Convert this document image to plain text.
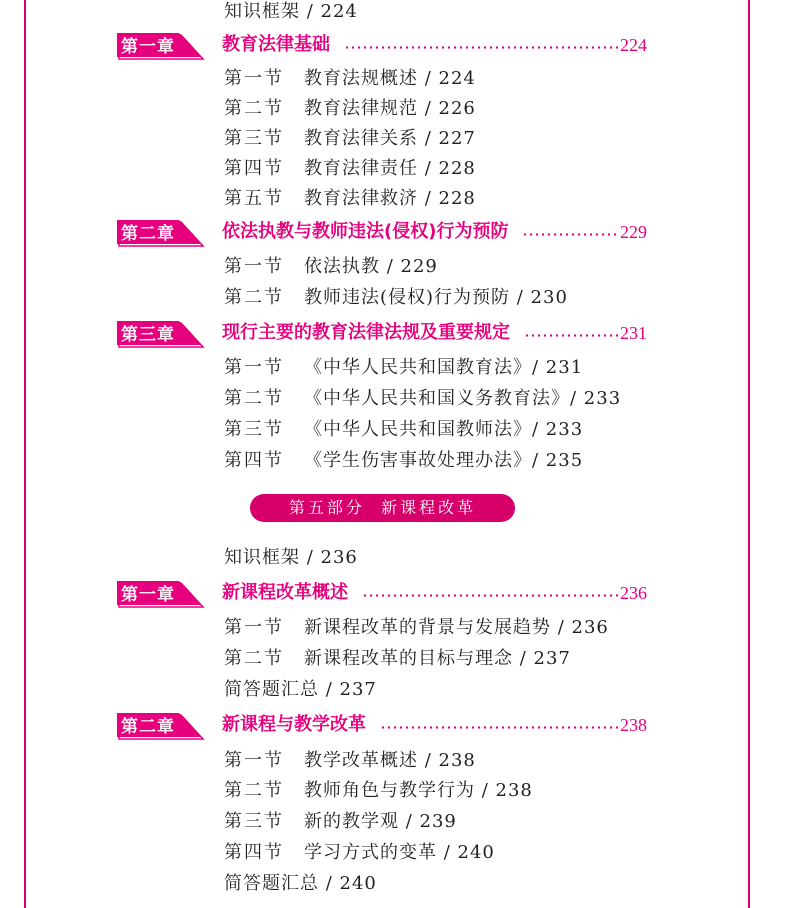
知识框架 / 224
第一章	教育法律基础	224
第一节 教育法规概述 / 224
第二节 教育法律规范 / 226
第三节 教育法律关系 / 227
第四节 教育法律责任 / 228
第五节 教育法律救济 / 228
第二章	依法执教与教师违法(侵权)行为预防	229
第一节 依法执教 / 229
第二节 教师违法(侵权)行为预防 / 230
第三章	现行主要的教育法律法规及重要规定	231
第一节 《中华人民共和国教育法》/ 231
第二节 《中华人民共和国义务教育法》/ 233
第三节 《中华人民共和国教师法》/ 233
第四节 《学生伤害事故处理办法》/ 235
知识框架 / 236
第一章	新课程改革概述	236
第一节 新课程改革的背景与发展趋势 / 236
第二节 新课程改革的目标与理念 / 237
简答题汇总 / 237
第二章	新课程与教学改革	238
第一节 教学改革概述 / 238
第二节 教师角色与教学行为 / 238
第三节 新的教学观 / 239
第四节 学习方式的变革 / 240
简答题汇总 / 240
第五部分 新课程改革
